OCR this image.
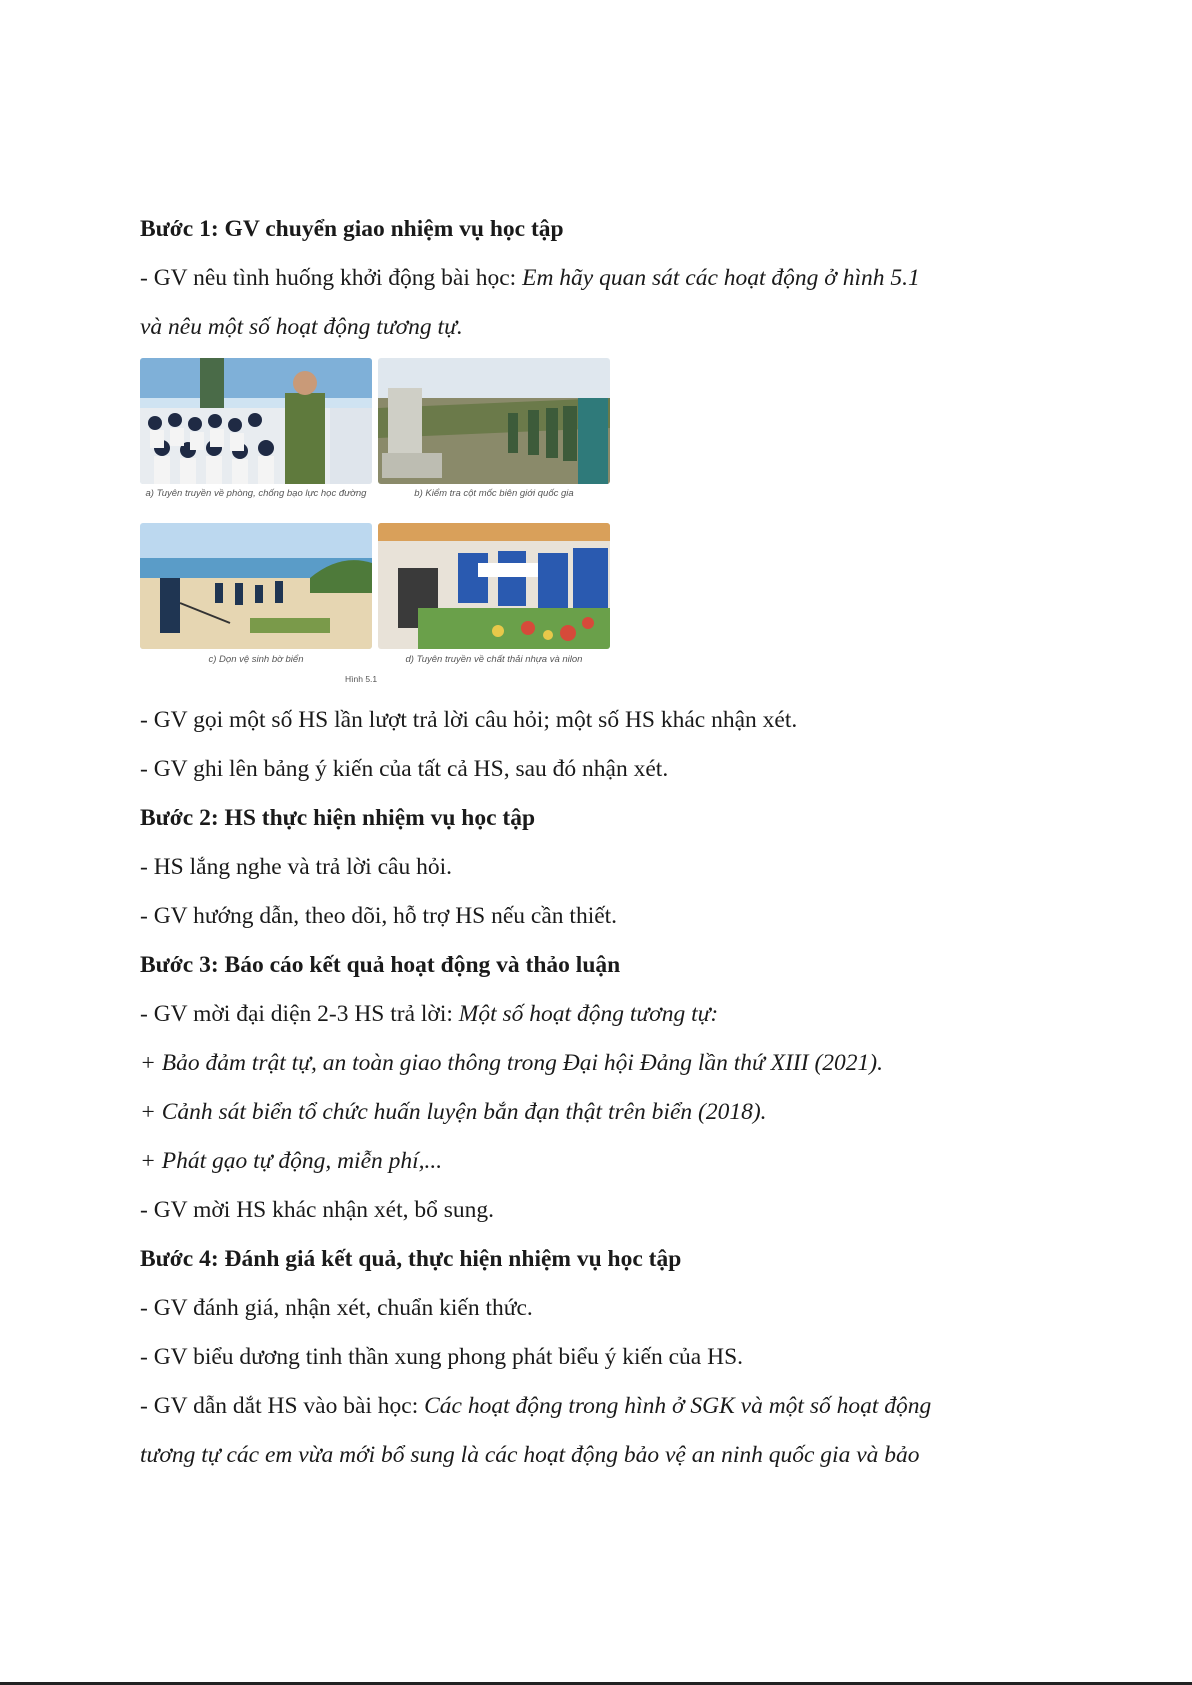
Bước 1: GV chuyển giao nhiệm vụ học tập
- GV nêu tình huống khởi động bài học: Em hãy quan sát các hoạt động ở hình 5.1
và nêu một số hoạt động tương tự.
a) Tuyên truyền về phòng, chống bạo lực học đường	b) Kiểm tra cột mốc biên giới quốc gia
c) Dọn vệ sinh bờ biển	d) Tuyên truyền về chất thải nhựa và nilon
Hình 5.1
- GV gọi một số HS lần lượt trả lời câu hỏi; một số HS khác nhận xét.
- GV ghi lên bảng ý kiến của tất cả HS, sau đó nhận xét.
Bước 2: HS thực hiện nhiệm vụ học tập
- HS lắng nghe và trả lời câu hỏi.
- GV hướng dẫn, theo dõi, hỗ trợ HS nếu cần thiết.
Bước 3: Báo cáo kết quả hoạt động và thảo luận
- GV mời đại diện 2-3 HS trả lời: Một số hoạt động tương tự:
+ Bảo đảm trật tự, an toàn giao thông trong Đại hội Đảng lần thứ XIII (2021).
+ Cảnh sát biển tổ chức huấn luyện bắn đạn thật trên biển (2018).
+ Phát gạo tự động, miễn phí,...
- GV mời HS khác nhận xét, bổ sung.
Bước 4: Đánh giá kết quả, thực hiện nhiệm vụ học tập
- GV đánh giá, nhận xét, chuẩn kiến thức.
- GV biểu dương tinh thần xung phong phát biểu ý kiến của HS.
- GV dẫn dắt HS vào bài học: Các hoạt động trong hình ở SGK và một số hoạt động
tương tự các em vừa mới bổ sung là các hoạt động bảo vệ an ninh quốc gia và bảo
